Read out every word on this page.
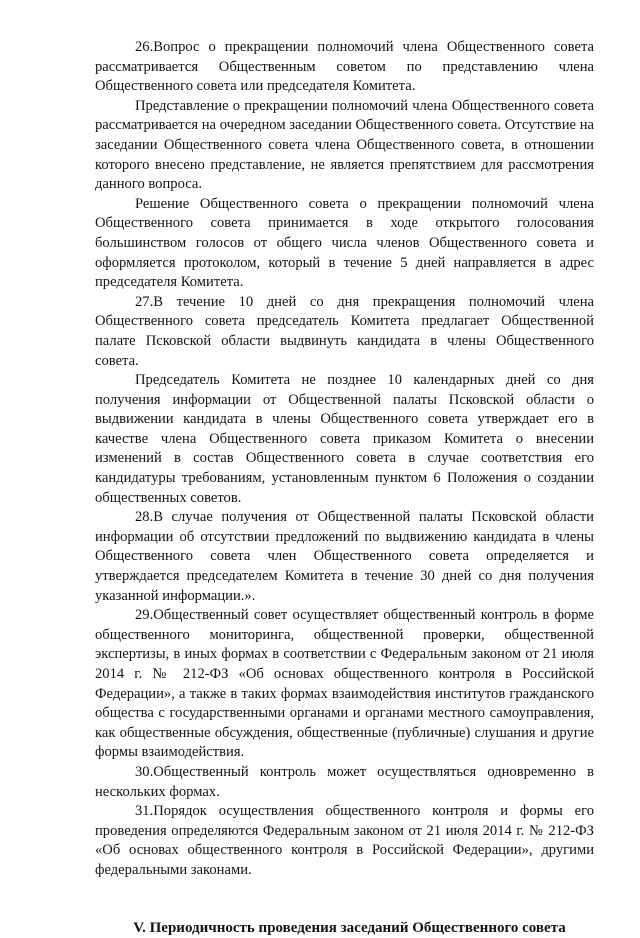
26.Вопрос о прекращении полномочий члена Общественного совета рассматривается Общественным советом по представлению члена Общественного совета или председателя Комитета.

Представление о прекращении полномочий члена Общественного совета рассматривается на очередном заседании Общественного совета. Отсутствие на заседании Общественного совета члена Общественного совета, в отношении которого внесено представление, не является препятствием для рассмотрения данного вопроса.

Решение Общественного совета о прекращении полномочий члена Общественного совета принимается в ходе открытого голосования большинством голосов от общего числа членов Общественного совета и оформляется протоколом, который в течение 5 дней направляется в адрес председателя Комитета.

27.В течение 10 дней со дня прекращения полномочий члена Общественного совета председатель Комитета предлагает Общественной палате Псковской области выдвинуть кандидата в члены Общественного совета.

Председатель Комитета не позднее 10 календарных дней со дня получения информации от Общественной палаты Псковской области о выдвижении кандидата в члены Общественного совета утверждает его в качестве члена Общественного совета приказом Комитета о внесении изменений в состав Общественного совета в случае соответствия его кандидатуры требованиям, установленным пунктом 6 Положения о создании общественных советов.

28.В случае получения от Общественной палаты Псковской области информации об отсутствии предложений по выдвижению кандидата в члены Общественного совета член Общественного совета определяется и утверждается председателем Комитета в течение 30 дней со дня получения указанной информации.».

29.Общественный совет осуществляет общественный контроль в форме общественного мониторинга, общественной проверки, общественной экспертизы, в иных формах в соответствии с Федеральным законом от 21 июля 2014 г. № 212-ФЗ «Об основах общественного контроля в Российской Федерации», а также в таких формах взаимодействия институтов гражданского общества с государственными органами и органами местного самоуправления, как общественные обсуждения, общественные (публичные) слушания и другие формы взаимодействия.

30.Общественный контроль может осуществляться одновременно в нескольких формах.

31.Порядок осуществления общественного контроля и формы его проведения определяются Федеральным законом от 21 июля 2014 г. № 212-ФЗ «Об основах общественного контроля в Российской Федерации», другими федеральными законами.

V. Периодичность проведения заседаний Общественного совета
